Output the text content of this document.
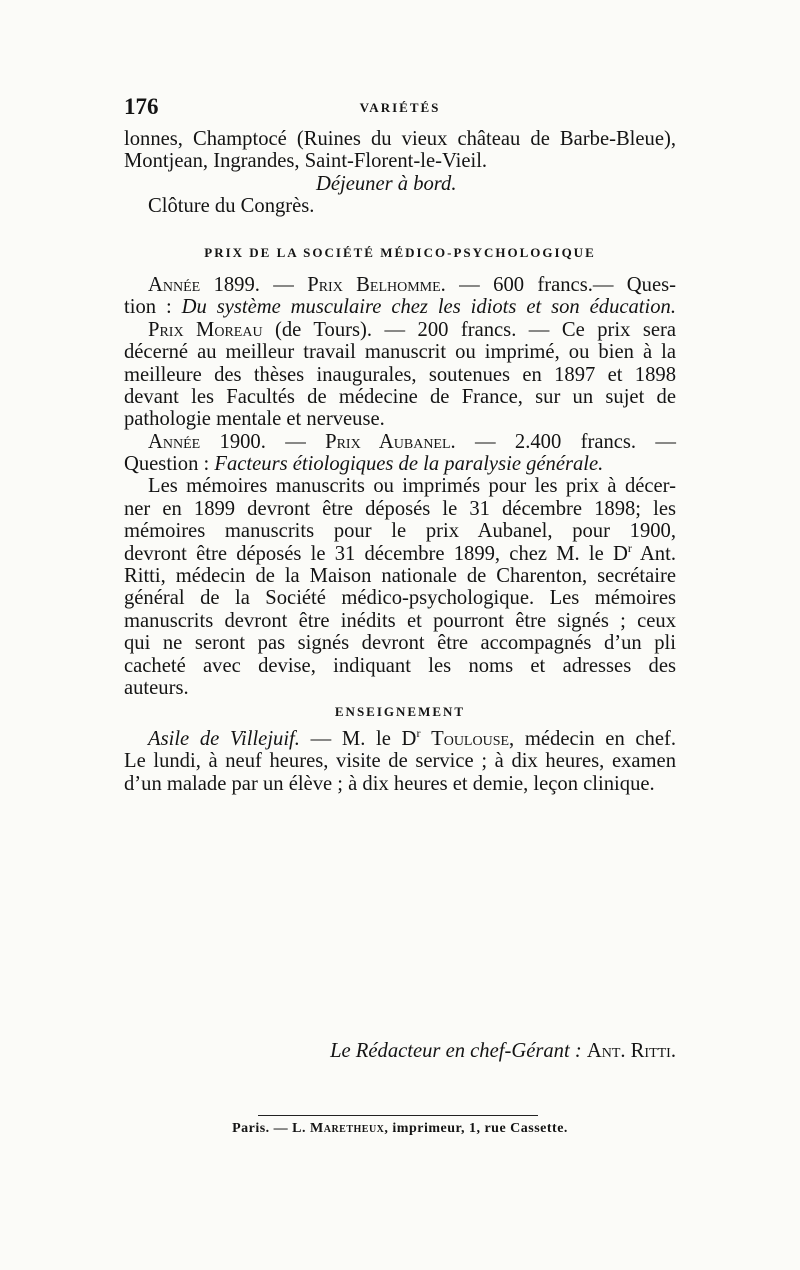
176	VARIÉTÉS
lonnes, Champtocé (Ruines du vieux château de Barbe-Bleue),
Montjean, Ingrandes, Saint-Florent-le-Vieil.
Déjeuner à bord.
Clôture du Congrès.
PRIX DE LA SOCIÉTÉ MÉDICO-PSYCHOLOGIQUE
Année 1899. — Prix Belhomme. — 600 francs.— Ques-
tion : Du système musculaire chez les idiots et son éducation.
Prix Moreau (de Tours). — 200 francs. — Ce prix sera
décerné au meilleur travail manuscrit ou imprimé, ou bien à la
meilleure des thèses inaugurales, soutenues en 1897 et 1898
devant les Facultés de médecine de France, sur un sujet de
pathologie mentale et nerveuse.
Année 1900. — Prix Aubanel. — 2.400 francs. —
Question : Facteurs étiologiques de la paralysie générale.
Les mémoires manuscrits ou imprimés pour les prix à décer-
ner en 1899 devront être déposés le 31 décembre 1898; les
mémoires manuscrits pour le prix Aubanel, pour 1900,
devront être déposés le 31 décembre 1899, chez M. le $D^r$ Ant.
Ritti, médecin de la Maison nationale de Charenton, secrétaire
général de la Société médico-psychologique. Les mémoires
manuscrits devront être inédits et pourront être signés ; ceux
qui ne seront pas signés devront être accompagnés d’un pli
cacheté avec devise, indiquant les noms et adresses des
auteurs.
ENSEIGNEMENT
Asile de Villejuif. — M. le $D^r$ Toulouse, médecin en chef.
Le lundi, à neuf heures, visite de service ; à dix heures, examen
d’un malade par un élève ; à dix heures et demie, leçon clinique.
Le Rédacteur en chef-Gérant : Ant. Ritti.
Paris. — L. Maretheux, imprimeur, 1, rue Cassette.
